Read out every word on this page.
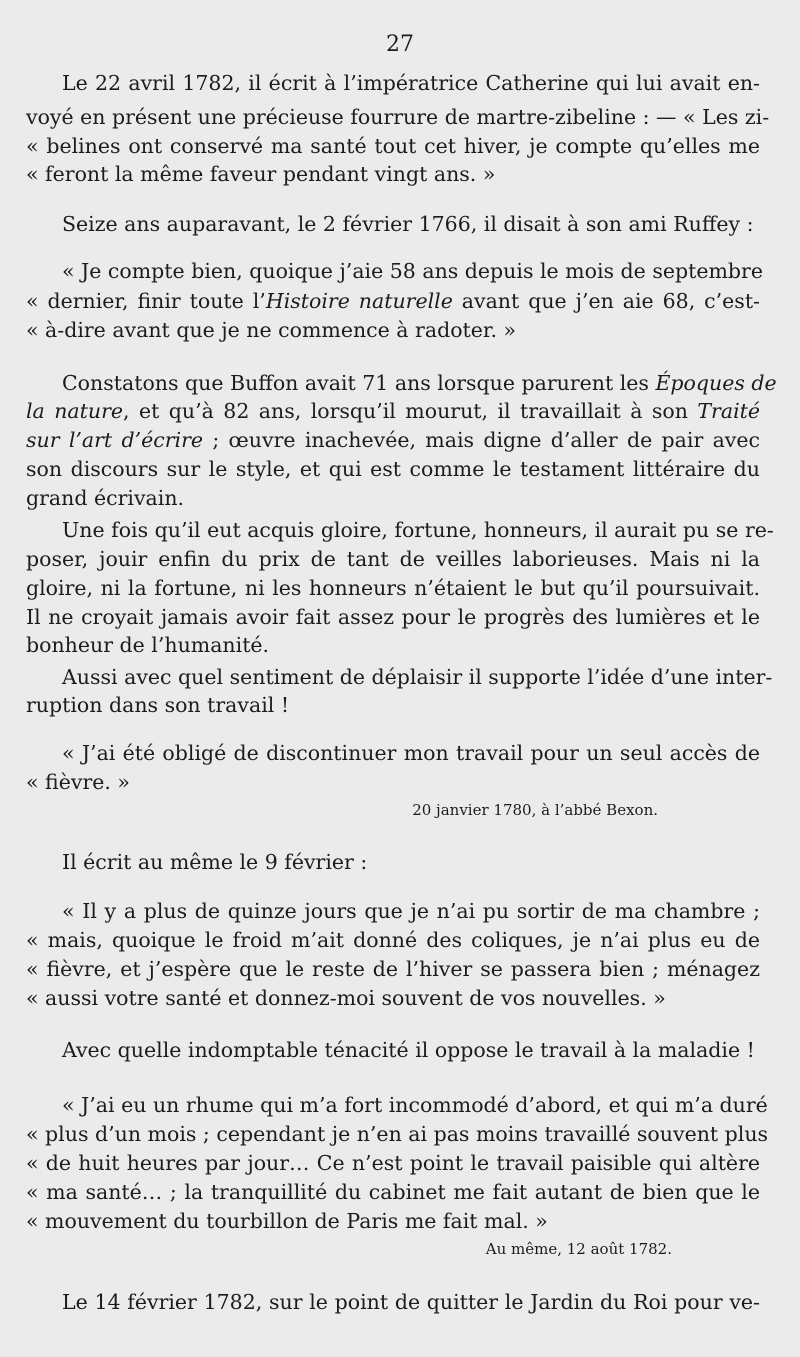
27
Le 22 avril 1782, il écrit à l’impératrice Catherine qui lui avait en-
voyé en présent une précieuse fourrure de martre-zibeline : — « Les zi-
« belines ont conservé ma santé tout cet hiver, je compte qu’elles me
« feront la même faveur pendant vingt ans. »
Seize ans auparavant, le 2 février 1766, il disait à son ami Ruffey :
« Je compte bien, quoique j’aie 58 ans depuis le mois de septembre
« dernier, finir toute l’Histoire naturelle avant que j’en aie 68, c’est-
« à-dire avant que je ne commence à radoter. »
Constatons que Buffon avait 71 ans lorsque parurent les Époques de
la nature, et qu’à 82 ans, lorsqu’il mourut, il travaillait à son Traité
sur l’art d’écrire ; œuvre inachevée, mais digne d’aller de pair avec
son discours sur le style, et qui est comme le testament littéraire du
grand écrivain.
Une fois qu’il eut acquis gloire, fortune, honneurs, il aurait pu se re-
poser, jouir enfin du prix de tant de veilles laborieuses. Mais ni la
gloire, ni la fortune, ni les honneurs n’étaient le but qu’il poursuivait.
Il ne croyait jamais avoir fait assez pour le progrès des lumières et le
bonheur de l’humanité.
Aussi avec quel sentiment de déplaisir il supporte l’idée d’une inter-
ruption dans son travail !
« J’ai été obligé de discontinuer mon travail pour un seul accès de
« fièvre. »
20 janvier 1780, à l’abbé Bexon.
Il écrit au même le 9 février :
« Il y a plus de quinze jours que je n’ai pu sortir de ma chambre ;
« mais, quoique le froid m’ait donné des coliques, je n’ai plus eu de
« fièvre, et j’espère que le reste de l’hiver se passera bien ; ménagez
« aussi votre santé et donnez-moi souvent de vos nouvelles. »
Avec quelle indomptable ténacité il oppose le travail à la maladie !
« J’ai eu un rhume qui m’a fort incommodé d’abord, et qui m’a duré
« plus d’un mois ; cependant je n’en ai pas moins travaillé souvent plus
« de huit heures par jour… Ce n’est point le travail paisible qui altère
« ma santé… ; la tranquillité du cabinet me fait autant de bien que le
« mouvement du tourbillon de Paris me fait mal. »
Au même, 12 août 1782.
Le 14 février 1782, sur le point de quitter le Jardin du Roi pour ve-
